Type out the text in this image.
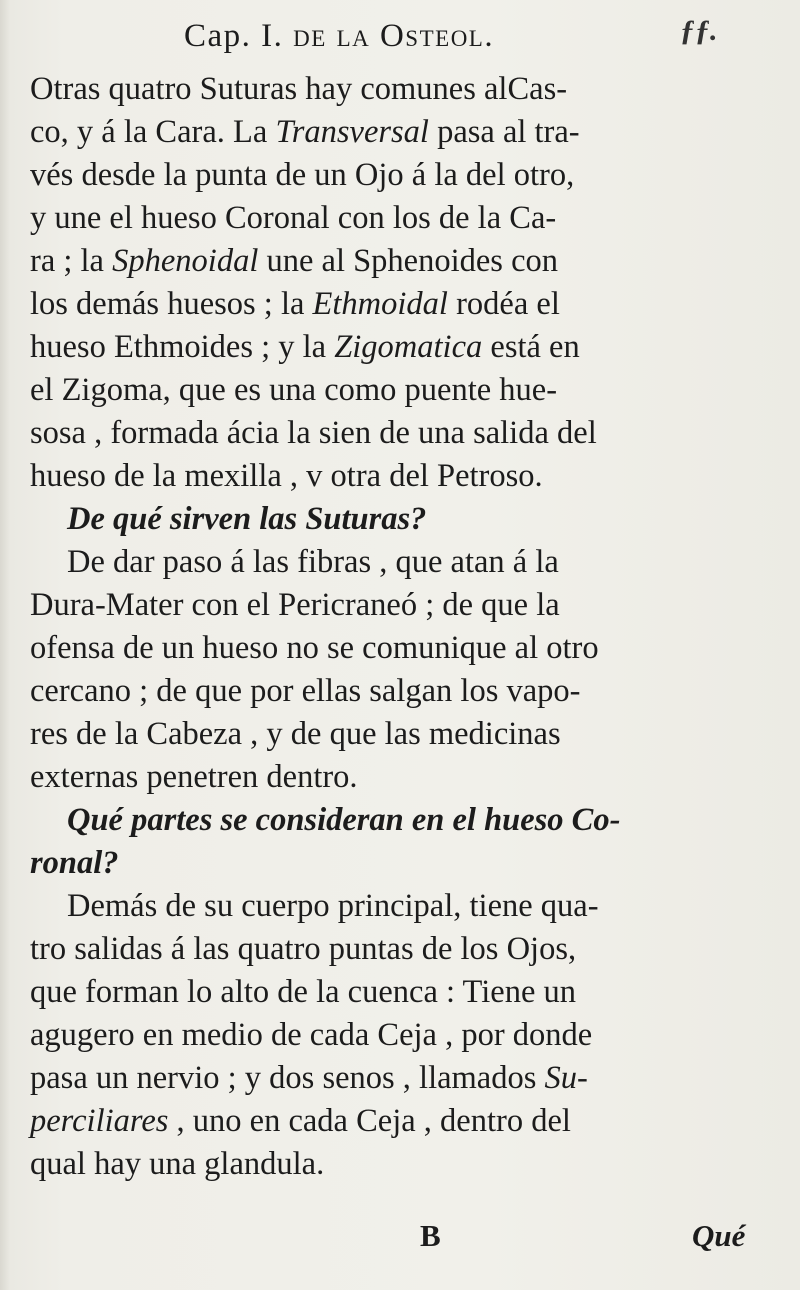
Cap. I. de la Osteol.	ƒƒ.
Otras quatro Suturas hay comunes alCas-
co, y á la Cara. La Transversal pasa al tra-
vés desde la punta de un Ojo á la del otro,
y une el hueso Coronal con los de la Ca-
ra ; la Sphenoidal une al Sphenoides con
los demás huesos ; la Ethmoidal rodéa el
hueso Ethmoides ; y la Zigomatica está en
el Zigoma, que es una como puente hue-
sosa , formada ácia la sien de una salida del
hueso de la mexilla , v otra del Petroso.
De qué sirven las Suturas?
De dar paso á las fibras , que atan á la
Dura-Mater con el Pericraneó ; de que la
ofensa de un hueso no se comunique al otro
cercano ; de que por ellas salgan los vapo-
res de la Cabeza , y de que las medicinas
externas penetren dentro.
Qué partes se consideran en el hueso Co-
ronal?
Demás de su cuerpo principal, tiene qua-
tro salidas á las quatro puntas de los Ojos,
que forman lo alto de la cuenca : Tiene un
agugero en medio de cada Ceja , por donde
pasa un nervio ; y dos senos , llamados Su-
perciliares , uno en cada Ceja , dentro del
qual hay una glandula.
B	Qué
